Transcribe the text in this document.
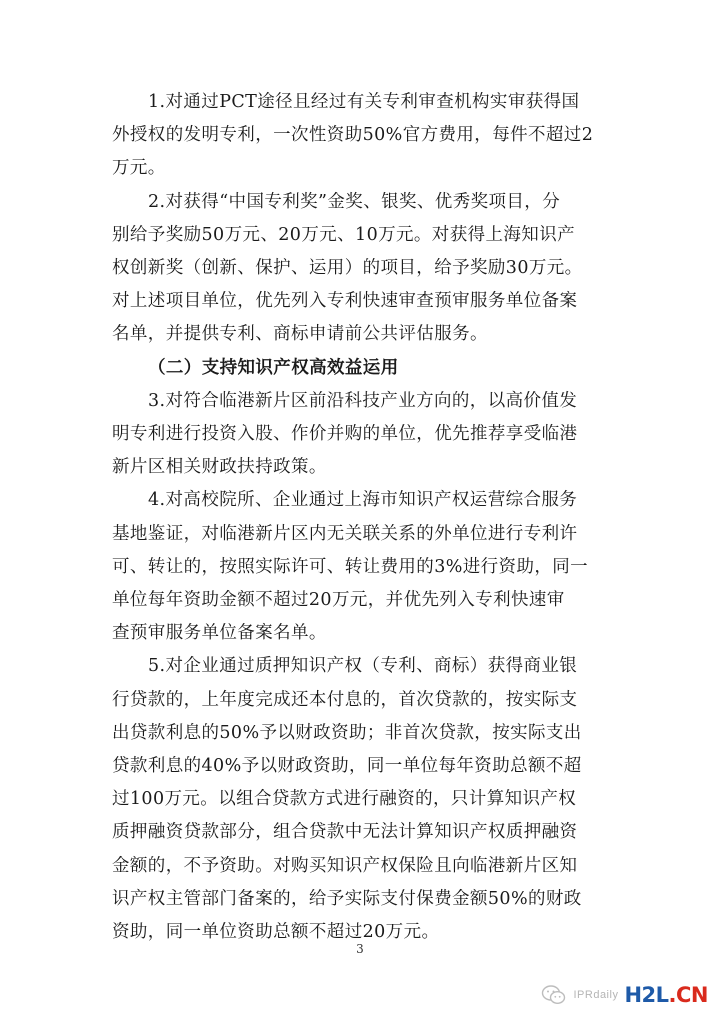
1.对通过PCT途径且经过有关专利审查机构实审获得国
外授权的发明专利，一次性资助50%官方费用，每件不超过2
万元。
2.对获得“中国专利奖”金奖、银奖、优秀奖项目，分
别给予奖励50万元、20万元、10万元。对获得上海知识产
权创新奖（创新、保护、运用）的项目，给予奖励30万元。
对上述项目单位，优先列入专利快速审查预审服务单位备案
名单，并提供专利、商标申请前公共评估服务。
（二）支持知识产权高效益运用
3.对符合临港新片区前沿科技产业方向的，以高价值发
明专利进行投资入股、作价并购的单位，优先推荐享受临港
新片区相关财政扶持政策。
4.对高校院所、企业通过上海市知识产权运营综合服务
基地鉴证，对临港新片区内无关联关系的外单位进行专利许
可、转让的，按照实际许可、转让费用的3%进行资助，同一
单位每年资助金额不超过20万元，并优先列入专利快速审
查预审服务单位备案名单。
5.对企业通过质押知识产权（专利、商标）获得商业银
行贷款的，上年度完成还本付息的，首次贷款的，按实际支
出贷款利息的50%予以财政资助；非首次贷款，按实际支出
贷款利息的40%予以财政资助，同一单位每年资助总额不超
过100万元。以组合贷款方式进行融资的，只计算知识产权
质押融资贷款部分，组合贷款中无法计算知识产权质押融资
金额的，不予资助。对购买知识产权保险且向临港新片区知
识产权主管部门备案的，给予实际支付保费金额50%的财政
资助，同一单位资助总额不超过20万元。
3
IPRdaily H2L.CN
